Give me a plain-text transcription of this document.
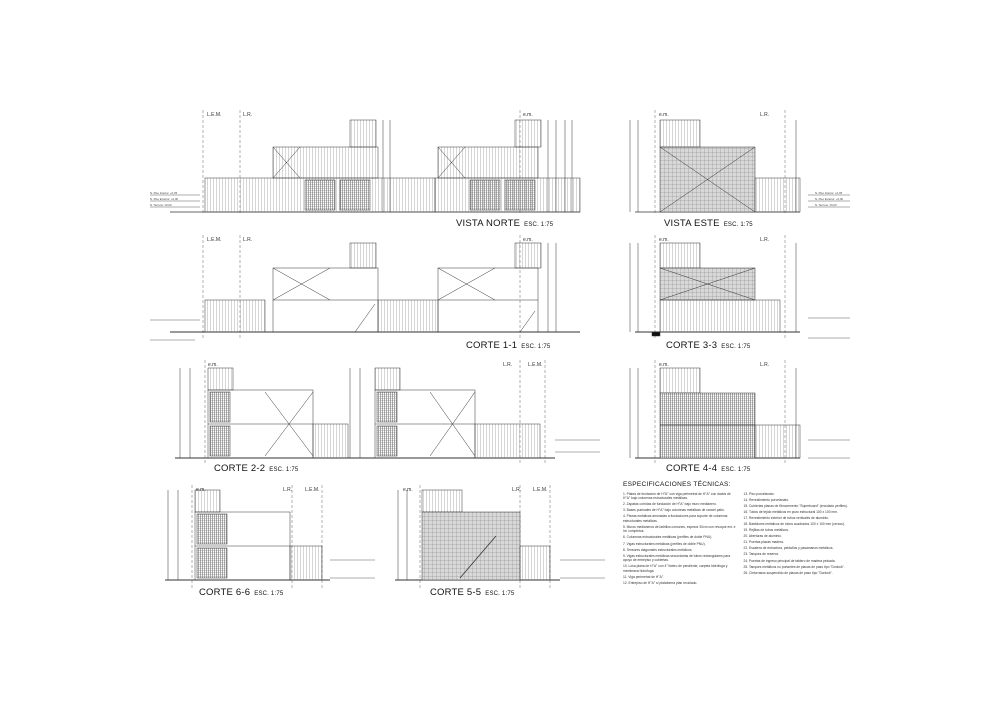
L.E.M.	L.R.	e.m.	e.m.	L.R.
L.E.M.	L.R.	e.m.	e.m.	L.R.
e.m.	L.R.	L.E.M.	e.m.	L.R.
e.m.	L.R.	L.E.M.	e.m.	L.R. L.E.M.
N. Piso Interior: +0,05
N. Piso Exterior: +0,00
N. Terreno: ±0,00
N. Piso Interior: +0,05
N. Piso Exterior: +0,00
N. Terreno: ±0,00
VISTA NORTE ESC. 1:75	VISTA ESTE ESC. 1:75
CORTE 1-1 ESC. 1:75	CORTE 3-3 ESC. 1:75
CORTE 2-2 ESC. 1:75	CORTE 4-4 ESC. 1:75
CORTE 6-6 ESC. 1:75	CORTE 5-5 ESC. 1:75
ESPECIFICACIONES TÉCNICAS:
1. Platea de fundación de H°A° con viga perimetral de H°A° con dados de H°A° bajo columnas estructurales metálicas.
2. Zapatas corridas de fundación de H°A° bajo muro medianero.
3. Bases puntuales de H°A° bajo columnas metálicas de cancel patio.
4. Piezas metálicas amuradas a fundaciones para soporte de columnas estructurales metálicas.
5. Muros medianeros de ladrillos comunes, espesor 30cm con revoque ext. e int. completos.
6. Columnas estructurales metálicas (perfiles de doble PNU).
7. Vigas estructurales metálicas (perfiles de doble PNU).
8. Tensores diagonales estructurales metálicos.
9. Vigas estructurales metálicas secundarias de tubos rectangulares para apoyo de entrepiso y cubiertas.
10. Losa plana de H°A° con 4° listero de pendiente, carpeta hidrófuga y membrana hidrófuga.
11. Viga perimetral de H°A°.
12. Entrepiso de H°A° s/ plataforma plan reciclado.
13. Piso porcelanato.
14. Revestimiento porcelanato.
15. Cubiertas planas de fibrocemento "Superboard" (encolado perfiles).
16. Tubos de tejido metálicos en pozo estructural 100 x 100 mm.
17. Revestimiento exterior de tubos verticales de aluminio.
18. Bastidores metálicos de tubos cuadrados 100 x 100 mm (cercos).
19. Rejillas de tubos metálicos.
20. Aberturas de aluminio.
21. Puertas placas madera.
22. Escalera de estructura, peldaños y pasamanos metálicos.
23. Tanques de reserva.
24. Puertas de ingreso principal de tablero de madera pelcada.
25. Tanques metálicos no portantes de placas de paso tipo "Durlock".
26. Cielorrasos suspendido de placas de paso tipo "Durlock".
